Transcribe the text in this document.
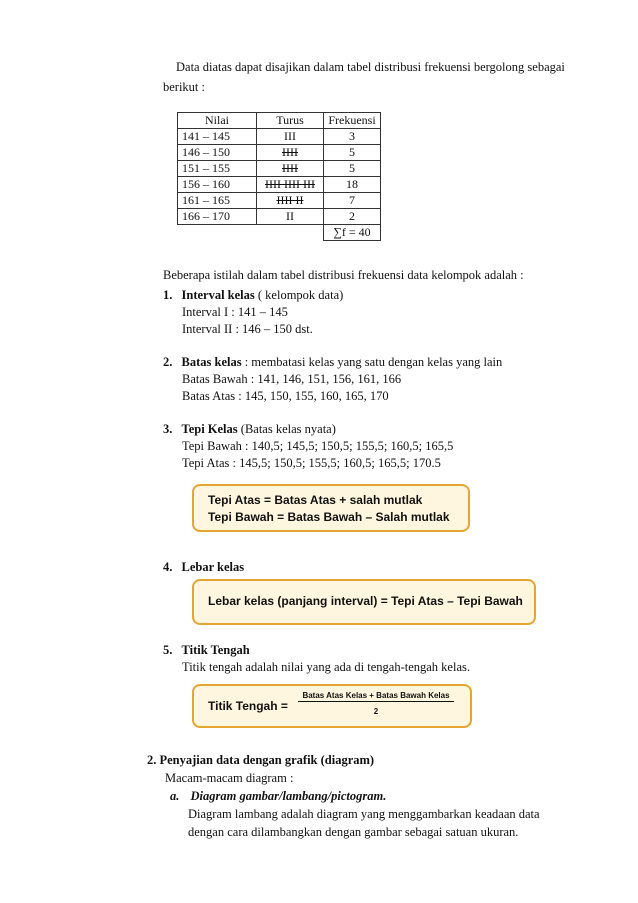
Data diatas dapat disajikan dalam tabel distribusi frekuensi bergolong sebagai
berikut :
Nilai	Turus	Frekuensi
141 – 145	III	3
146 – 150	IIII	5
151 – 155	IIII	5
156 – 160	IIII IIII III	18
161 – 165	IIII II	7
166 – 170	II	2
		∑f = 40
Beberapa istilah dalam tabel distribusi frekuensi data kelompok adalah :
1. Interval kelas ( kelompok data)
Interval I : 141 – 145
Interval II : 146 – 150 dst.
2. Batas kelas : membatasi kelas yang satu dengan kelas yang lain
Batas Bawah : 141, 146, 151, 156, 161, 166
Batas Atas : 145, 150, 155, 160, 165, 170
3. Tepi Kelas (Batas kelas nyata)
Tepi Bawah : 140,5; 145,5; 150,5; 155,5; 160,5; 165,5
Tepi Atas : 145,5; 150,5; 155,5; 160,5; 165,5; 170.5
Tepi Atas = Batas Atas + salah mutlak
Tepi Bawah = Batas Bawah – Salah mutlak
4. Lebar kelas
Lebar kelas (panjang interval) = Tepi Atas – Tepi Bawah
5. Titik Tengah
Titik tengah adalah nilai yang ada di tengah-tengah kelas.
Titik Tengah =
Batas Atas Kelas + Batas Bawah Kelas
2
2. Penyajian data dengan grafik (diagram)
Macam-macam diagram :
a. Diagram gambar/lambang/pictogram.
Diagram lambang adalah diagram yang menggambarkan keadaan data
dengan cara dilambangkan dengan gambar sebagai satuan ukuran.
